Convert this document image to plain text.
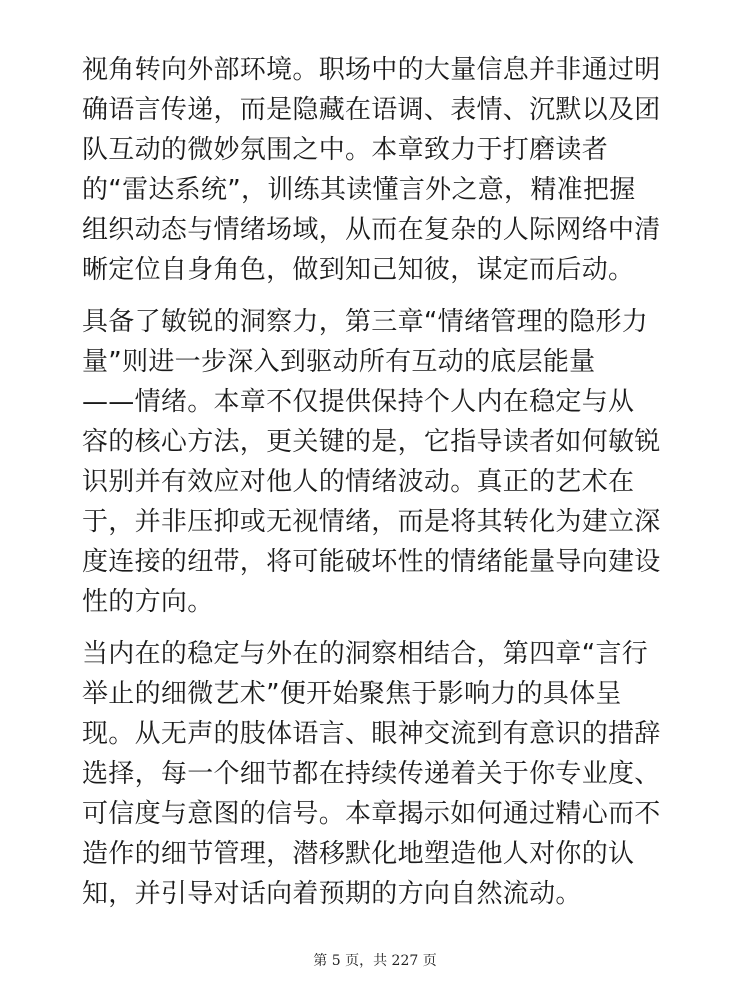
视角转向外部环境。职场中的大量信息并非通过明
确语言传递，而是隐藏在语调、表情、沉默以及团
队互动的微妙氛围之中。本章致力于打磨读者
的“雷达系统”，训练其读懂言外之意，精准把握
组织动态与情绪场域，从而在复杂的人际网络中清
晰定位自身角色，做到知己知彼，谋定而后动。
具备了敏锐的洞察力，第三章“情绪管理的隐形力
量”则进一步深入到驱动所有互动的底层能量
——情绪。本章不仅提供保持个人内在稳定与从
容的核心方法，更关键的是，它指导读者如何敏锐
识别并有效应对他人的情绪波动。真正的艺术在
于，并非压抑或无视情绪，而是将其转化为建立深
度连接的纽带，将可能破坏性的情绪能量导向建设
性的方向。
当内在的稳定与外在的洞察相结合，第四章“言行
举止的细微艺术”便开始聚焦于影响力的具体呈
现。从无声的肢体语言、眼神交流到有意识的措辞
选择，每一个细节都在持续传递着关于你专业度、
可信度与意图的信号。本章揭示如何通过精心而不
造作的细节管理，潜移默化地塑造他人对你的认
知，并引导对话向着预期的方向自然流动。
第 5 页，共 227 页
